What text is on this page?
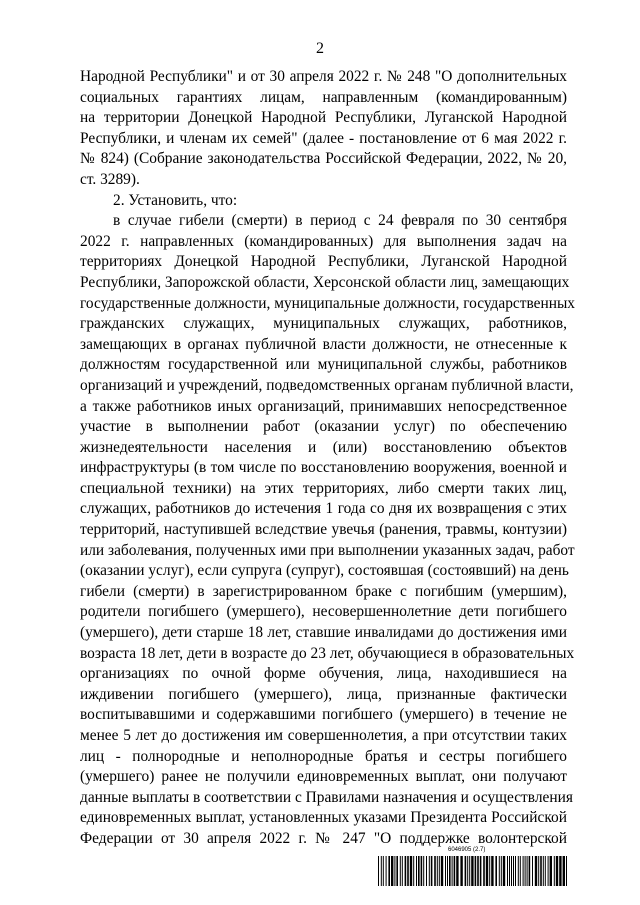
2
Народной Республики" и от 30 апреля 2022 г. № 248 "О дополнительных
социальных гарантиях лицам, направленным (командированным)
на территории Донецкой Народной Республики, Луганской Народной
Республики, и членам их семей" (далее - постановление от 6 мая 2022 г.
№ 824) (Собрание законодательства Российской Федерации, 2022, № 20,
ст. 3289).
2. Установить, что:
в случае гибели (смерти) в период с 24 февраля по 30 сентября
2022 г. направленных (командированных) для выполнения задач на
территориях Донецкой Народной Республики, Луганской Народной
Республики, Запорожской области, Херсонской области лиц, замещающих
государственные должности, муниципальные должности, государственных
гражданских служащих, муниципальных служащих, работников,
замещающих в органах публичной власти должности, не отнесенные к
должностям государственной или муниципальной службы, работников
организаций и учреждений, подведомственных органам публичной власти,
а также работников иных организаций, принимавших непосредственное
участие в выполнении работ (оказании услуг) по обеспечению
жизнедеятельности населения и (или) восстановлению объектов
инфраструктуры (в том числе по восстановлению вооружения, военной и
специальной техники) на этих территориях, либо смерти таких лиц,
служащих, работников до истечения 1 года со дня их возвращения с этих
территорий, наступившей вследствие увечья (ранения, травмы, контузии)
или заболевания, полученных ими при выполнении указанных задач, работ
(оказании услуг), если супруга (супруг), состоявшая (состоявший) на день
гибели (смерти) в зарегистрированном браке с погибшим (умершим),
родители погибшего (умершего), несовершеннолетние дети погибшего
(умершего), дети старше 18 лет, ставшие инвалидами до достижения ими
возраста 18 лет, дети в возрасте до 23 лет, обучающиеся в образовательных
организациях по очной форме обучения, лица, находившиеся на
иждивении погибшего (умершего), лица, признанные фактически
воспитывавшими и содержавшими погибшего (умершего) в течение не
менее 5 лет до достижения им совершеннолетия, а при отсутствии таких
лиц - полнородные и неполнородные братья и сестры погибшего
(умершего) ранее не получили единовременных выплат, они получают
данные выплаты в соответствии с Правилами назначения и осуществления
единовременных выплат, установленных указами Президента Российской
Федерации от 30 апреля 2022 г. № 247 "О поддержке волонтерской
6046905 (2.7)
